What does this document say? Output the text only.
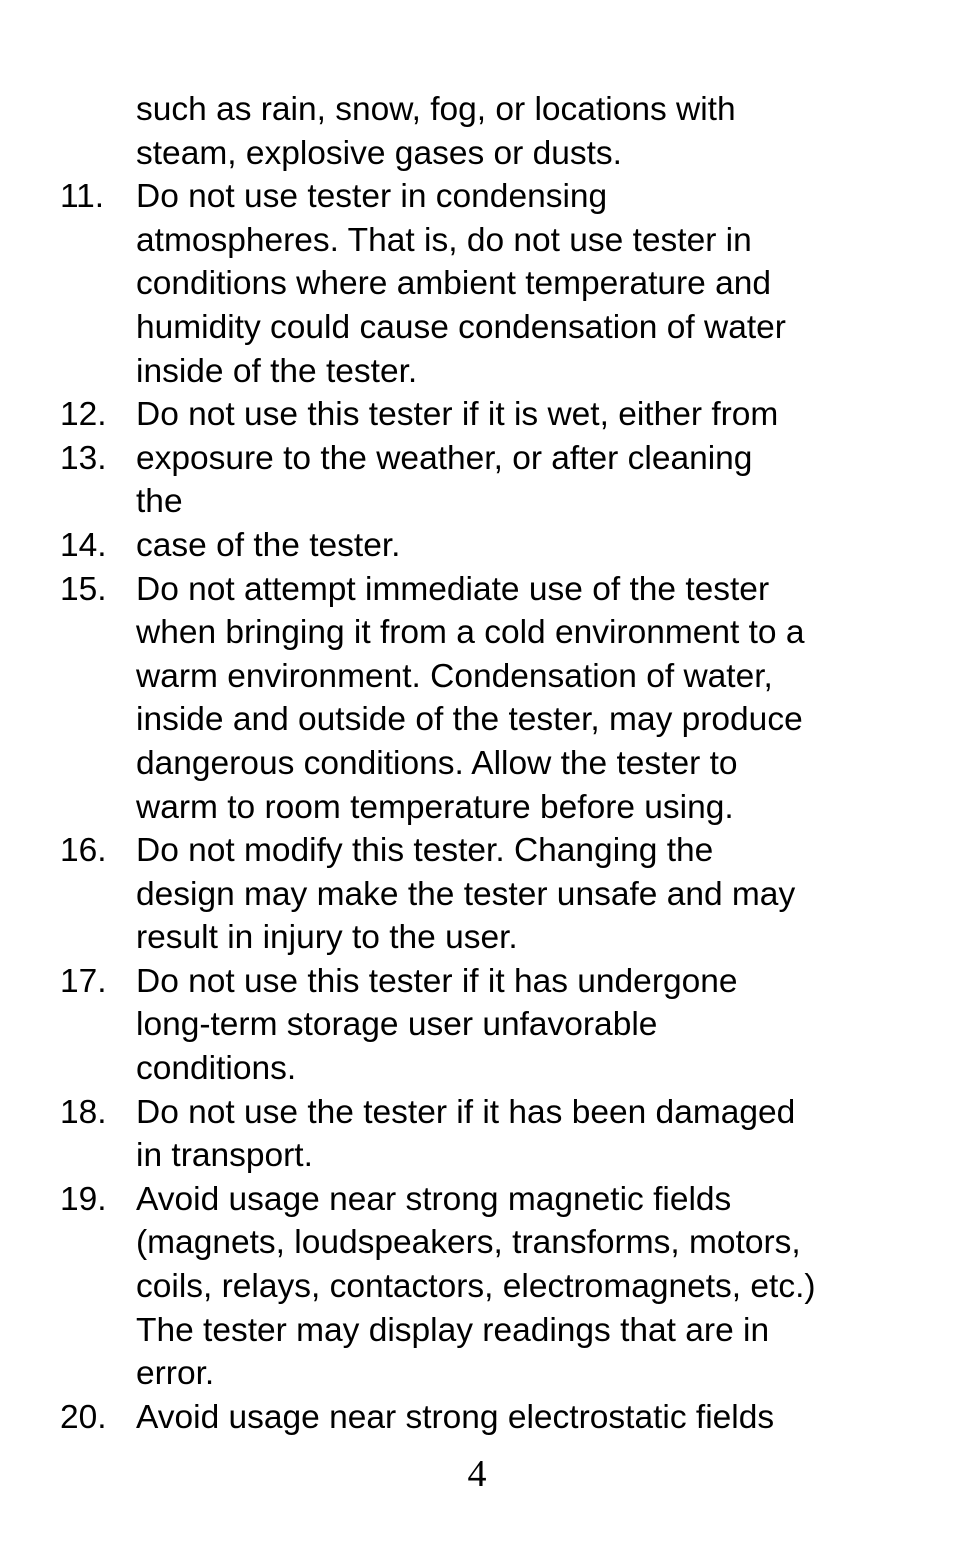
such as rain, snow, fog, or locations with
steam, explosive gases or dusts.
11. Do not use tester in condensing
atmospheres. That is, do not use tester in
conditions where ambient temperature and
humidity could cause condensation of water
inside of the tester.
12. Do not use this tester if it is wet, either from
13. exposure to the weather, or after cleaning
the
14. case of the tester.
15. Do not attempt immediate use of the tester
when bringing it from a cold environment to a
warm environment. Condensation of water,
inside and outside of the tester, may produce
dangerous conditions. Allow the tester to
warm to room temperature before using.
16. Do not modify this tester. Changing the
design may make the tester unsafe and may
result in injury to the user.
17. Do not use this tester if it has undergone
long-term storage user unfavorable
conditions.
18. Do not use the tester if it has been damaged
in transport.
19. Avoid usage near strong magnetic fields
(magnets, loudspeakers, transforms, motors,
coils, relays, contactors, electromagnets, etc.)
The tester may display readings that are in
error.
20. Avoid usage near strong electrostatic fields
4
